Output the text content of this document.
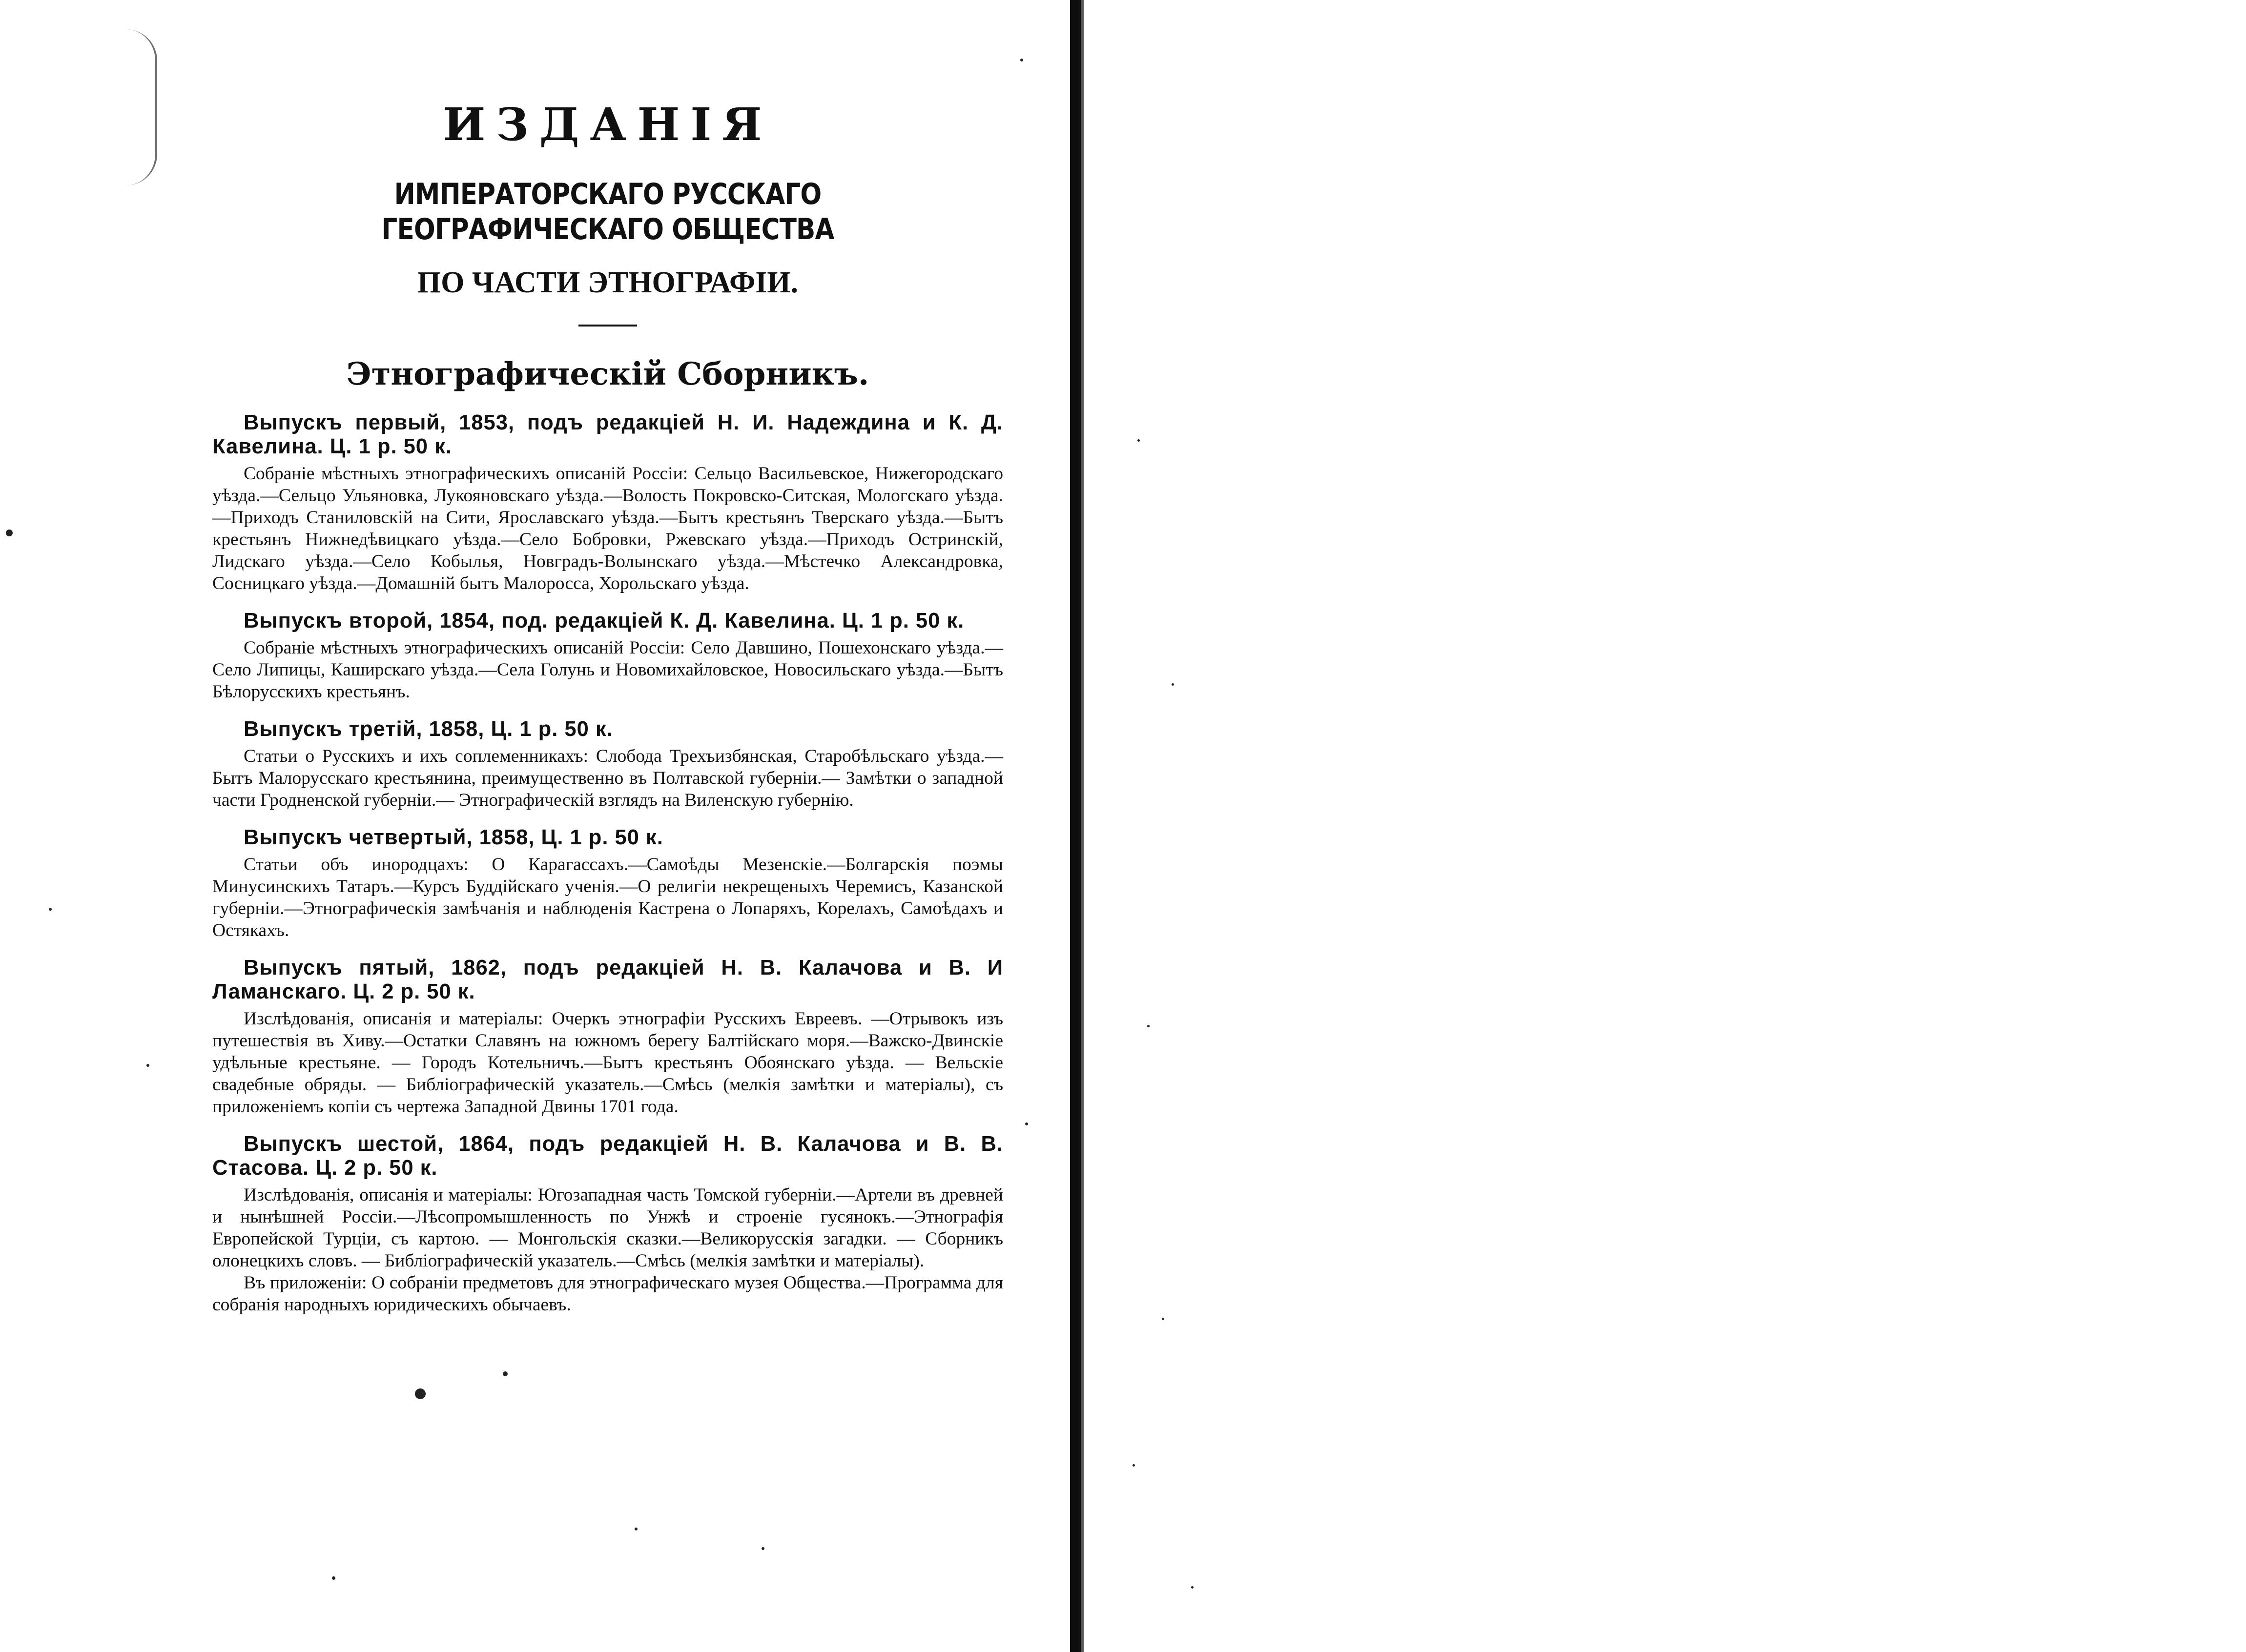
ИЗДАНІЯ
ИМПЕРАТОРСКАГО РУССКАГО ГЕОГРАФИЧЕСКАГО ОБЩЕСТВА
ПО ЧАСТИ ЭТНОГРАФІИ.
Этнографическій Сборникъ.

Выпускъ первый, 1853, подъ редакціей Н. И. Надеждина и К. Д. Кавелина. Ц. 1 р. 50 к.

Собраніе мѣстныхъ этнографическихъ описаній Россіи: Сельцо Васильевское, Нижегородскаго уѣзда.—Сельцо Ульяновка, Лукояновскаго уѣзда.—Волость Покровско-Ситская, Мологскаго уѣзда.—Приходъ Станиловскій на Сити, Ярославскаго уѣзда.—Бытъ крестьянъ Тверскаго уѣзда.—Бытъ крестьянъ Нижнедѣвицкаго уѣзда.—Село Бобровки, Ржевскаго уѣзда.—Приходъ Остринскій, Лидскаго уѣзда.—Село Кобылья, Новградъ-Волынскаго уѣзда.—Мѣстечко Александровка, Сосницкаго уѣзда.—Домашній бытъ Малоросса, Хорольскаго уѣзда.

Выпускъ второй, 1854, под. редакціей К. Д. Кавелина. Ц. 1 р. 50 к.

Собраніе мѣстныхъ этнографическихъ описаній Россіи: Село Давшино, Пошехонскаго уѣзда.—Село Липицы, Каширскаго уѣзда.—Села Голунь и Новомихайловское, Новосильскаго уѣзда.—Бытъ Бѣлорусскихъ крестьянъ.

Выпускъ третій, 1858, Ц. 1 р. 50 к.

Статьи о Русскихъ и ихъ соплеменникахъ: Слобода Трехъизбянская, Старобѣльскаго уѣзда.—Бытъ Малорусскаго крестьянина, преимущественно въ Полтавской губерніи.— Замѣтки о западной части Гродненской губерніи.— Этнографическій взглядъ на Виленскую губернію.

Выпускъ четвертый, 1858, Ц. 1 р. 50 к.

Статьи объ инородцахъ: О Карагассахъ.—Самоѣды Мезенскіе.—Болгарскія поэмы Минусинскихъ Татаръ.—Курсъ Буддійскаго ученія.—О религіи некрещеныхъ Черемисъ, Казанской губерніи.—Этнографическія замѣчанія и наблюденія Кастрена о Лопаряхъ, Корелахъ, Самоѣдахъ и Остякахъ.

Выпускъ пятый, 1862, подъ редакціей Н. В. Калачова и В. И Ламанскаго. Ц. 2 р. 50 к.

Изслѣдованія, описанія и матеріалы: Очеркъ этнографіи Русскихъ Евреевъ. —Отрывокъ изъ путешествія въ Хиву.—Остатки Славянъ на южномъ берегу Балтійскаго моря.—Важско-Двинскіе удѣльные крестьяне. — Городъ Котельничъ.—Бытъ крестьянъ Обоянскаго уѣзда. — Вельскіе свадебные обряды. — Библіографическій указатель.—Смѣсь (мелкія замѣтки и матеріалы), съ приложеніемъ копіи съ чертежа Западной Двины 1701 года.

Выпускъ шестой, 1864, подъ редакціей Н. В. Калачова и В. В. Стасова. Ц. 2 р. 50 к.

Изслѣдованія, описанія и матеріалы: Югозападная часть Томской губерніи.—Артели въ древней и нынѣшней Россіи.—Лѣсопромышленность по Унжѣ и строеніе гусянокъ.—Этнографія Европейской Турціи, съ картою. — Монгольскія сказки.—Великорусскія загадки. — Сборникъ олонецкихъ словъ. — Библіографическій указатель.—Смѣсь (мелкія замѣтки и матеріалы).

Въ приложеніи: О собраніи предметовъ для этнографическаго музея Общества.—Программа для собранія народныхъ юридическихъ обычаевъ.
